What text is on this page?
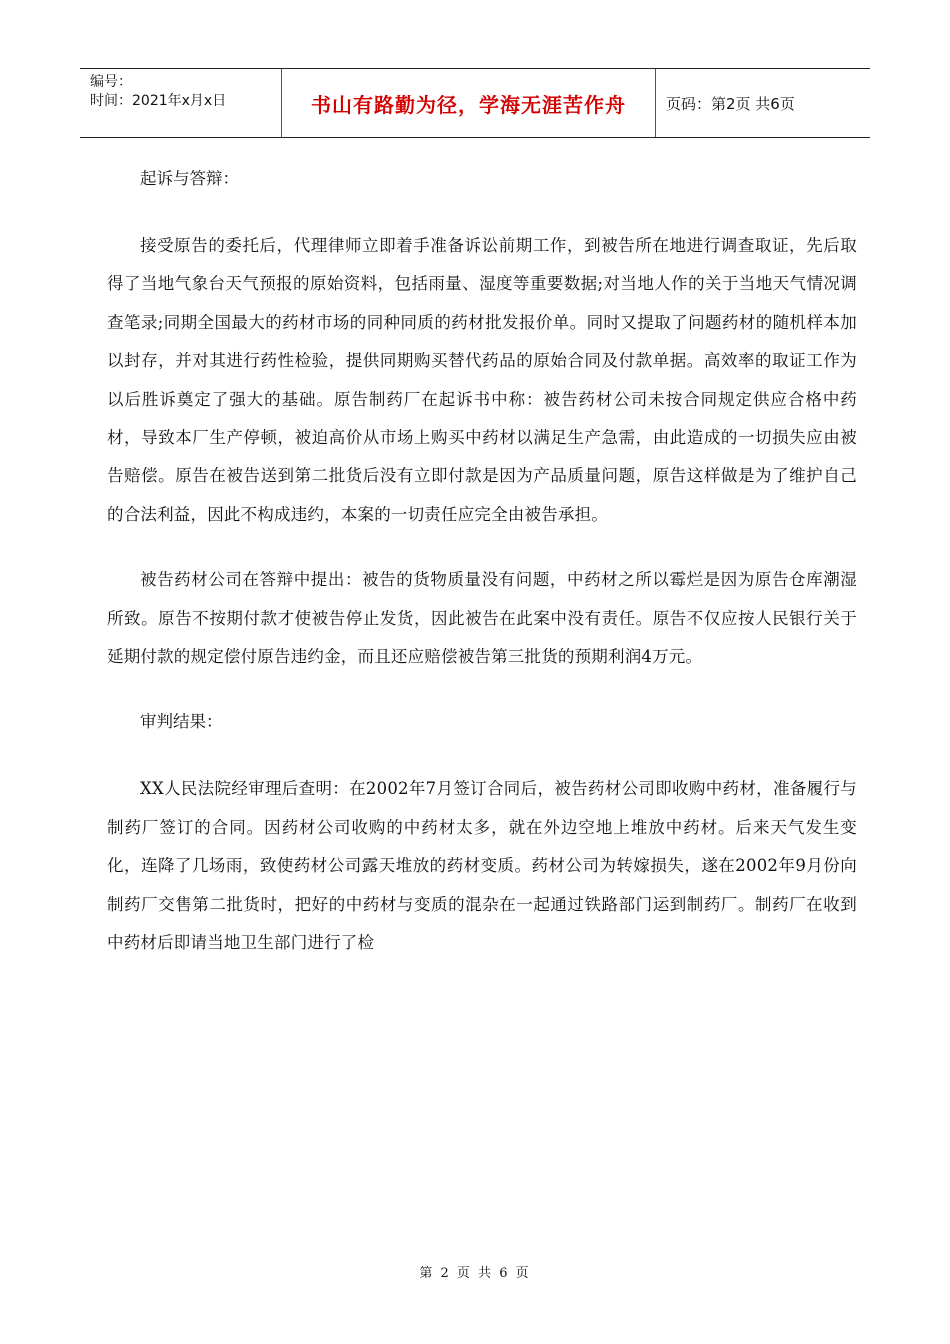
编号：
时间：2021年x月x日	书山有路勤为径，学海无涯苦作舟	页码：第2页 共6页

起诉与答辩：

接受原告的委托后，代理律师立即着手准备诉讼前期工作，到被告所在地进行调查取证，先后取得了当地气象台天气预报的原始资料，包括雨量、湿度等重要数据;对当地人作的关于当地天气情况调查笔录;同期全国最大的药材市场的同种同质的药材批发报价单。同时又提取了问题药材的随机样本加以封存，并对其进行药性检验，提供同期购买替代药品的原始合同及付款单据。高效率的取证工作为以后胜诉奠定了强大的基础。原告制药厂在起诉书中称：被告药材公司未按合同规定供应合格中药材，导致本厂生产停顿，被迫高价从市场上购买中药材以满足生产急需，由此造成的一切损失应由被告赔偿。原告在被告送到第二批货后没有立即付款是因为产品质量问题，原告这样做是为了维护自己的合法利益，因此不构成违约，本案的一切责任应完全由被告承担。

被告药材公司在答辩中提出：被告的货物质量没有问题，中药材之所以霉烂是因为原告仓库潮湿所致。原告不按期付款才使被告停止发货，因此被告在此案中没有责任。原告不仅应按人民银行关于延期付款的规定偿付原告违约金，而且还应赔偿被告第三批货的预期利润4万元。

审判结果：

XX人民法院经审理后查明：在2002年7月签订合同后，被告药材公司即收购中药材，准备履行与制药厂签订的合同。因药材公司收购的中药材太多，就在外边空地上堆放中药材。后来天气发生变化，连降了几场雨，致使药材公司露天堆放的药材变质。药材公司为转嫁损失，遂在2002年9月份向制药厂交售第二批货时，把好的中药材与变质的混杂在一起通过铁路部门运到制药厂。制药厂在收到中药材后即请当地卫生部门进行了检

第 2 页 共 6 页
